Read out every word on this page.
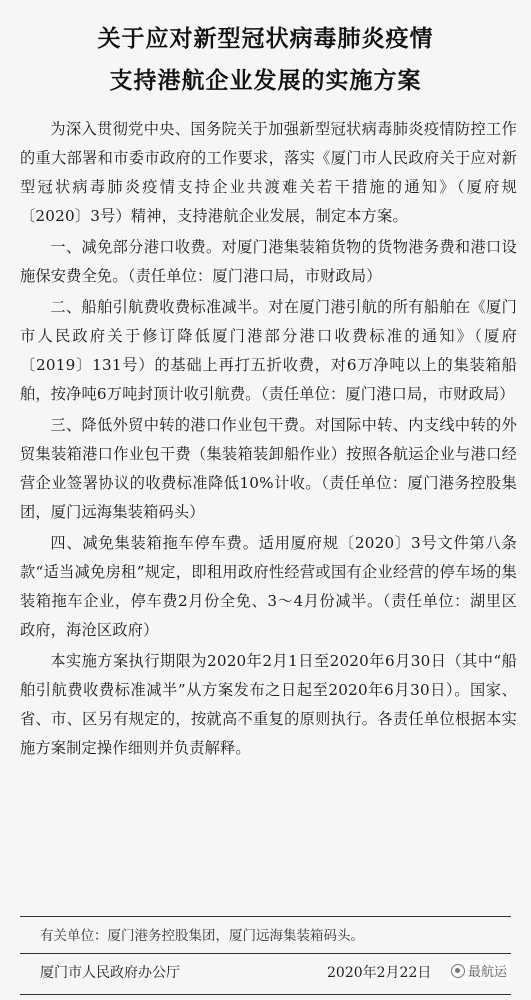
关于应对新型冠状病毒肺炎疫情
支持港航企业发展的实施方案

为深入贯彻党中央、国务院关于加强新型冠状病毒肺炎疫情防控工作的重大部署和市委市政府的工作要求，落实《厦门市人民政府关于应对新型冠状病毒肺炎疫情支持企业共渡难关若干措施的通知》（厦府规〔2020〕3号）精神，支持港航企业发展，制定本方案。

一、减免部分港口收费。对厦门港集装箱货物的货物港务费和港口设施保安费全免。（责任单位：厦门港口局，市财政局）

二、船舶引航费收费标准减半。对在厦门港引航的所有船舶在《厦门市人民政府关于修订降低厦门港部分港口收费标准的通知》（厦府〔2019〕131号）的基础上再打五折收费，对6万净吨以上的集装箱船舶，按净吨6万吨封顶计收引航费。（责任单位：厦门港口局，市财政局）

三、降低外贸中转的港口作业包干费。对国际中转、内支线中转的外贸集装箱港口作业包干费（集装箱装卸船作业）按照各航运企业与港口经营企业签署协议的收费标准降低10%计收。（责任单位：厦门港务控股集团，厦门远海集装箱码头）

四、减免集装箱拖车停车费。适用厦府规〔2020〕3号文件第八条款“适当减免房租”规定，即租用政府性经营或国有企业经营的停车场的集装箱拖车企业，停车费2月份全免、3～4月份减半。（责任单位：湖里区政府，海沧区政府）

本实施方案执行期限为2020年2月1日至2020年6月30日（其中“船舶引航费收费标准减半”从方案发布之日起至2020年6月30日）。国家、省、市、区另有规定的，按就高不重复的原则执行。各责任单位根据本实施方案制定操作细则并负责解释。

有关单位：厦门港务控股集团，厦门远海集装箱码头。
厦门市人民政府办公厅	2020年2月22日	最航运
